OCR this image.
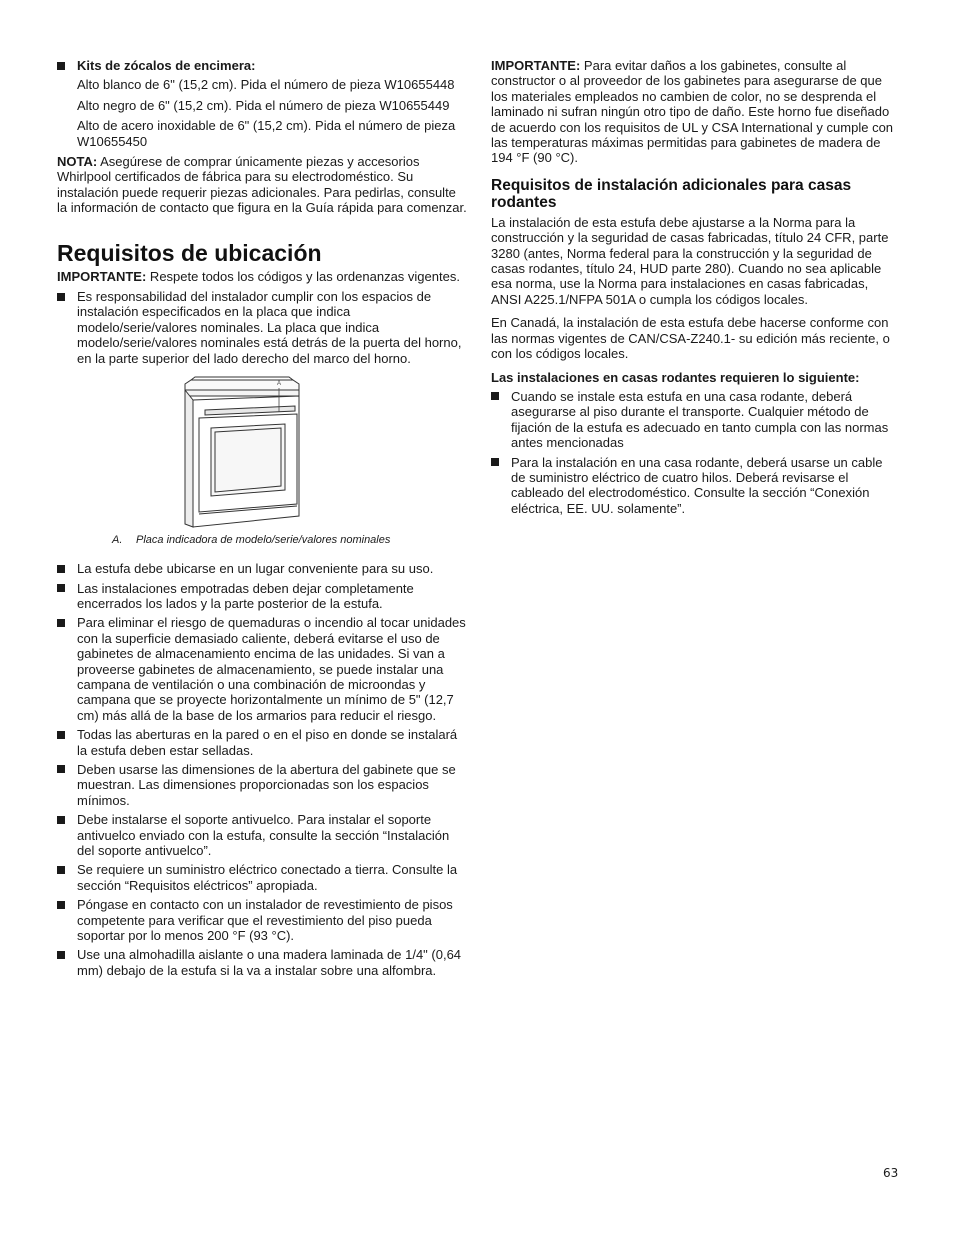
Kits de zócalos de encimera:

Alto blanco de 6" (15,2 cm). Pida el número de pieza W10655448

Alto negro de 6" (15,2 cm). Pida el número de pieza W10655449

Alto de acero inoxidable de 6" (15,2 cm). Pida el número de pieza W10655450

NOTA: Asegúrese de comprar únicamente piezas y accesorios Whirlpool certificados de fábrica para su electrodoméstico. Su instalación puede requerir piezas adicionales. Para pedirlas, consulte la información de contacto que figura en la Guía rápida para comenzar.

Requisitos de ubicación

IMPORTANTE: Respete todos los códigos y las ordenanzas vigentes.

Es responsabilidad del instalador cumplir con los espacios de instalación especificados en la placa que indica modelo/serie/valores nominales. La placa que indica modelo/serie/valores nominales está detrás de la puerta del horno, en la parte superior del lado derecho del marco del horno.
A
A. Placa indicadora de modelo/serie/valores nominales
La estufa debe ubicarse en un lugar conveniente para su uso.
Las instalaciones empotradas deben dejar completamente encerrados los lados y la parte posterior de la estufa.
Para eliminar el riesgo de quemaduras o incendio al tocar unidades con la superficie demasiado caliente, deberá evitarse el uso de gabinetes de almacenamiento encima de las unidades. Si van a proveerse gabinetes de almacenamiento, se puede instalar una campana de ventilación o una combinación de microondas y campana que se proyecte horizontalmente un mínimo de 5" (12,7 cm) más allá de la base de los armarios para reducir el riesgo.
Todas las aberturas en la pared o en el piso en donde se instalará la estufa deben estar selladas.
Deben usarse las dimensiones de la abertura del gabinete que se muestran. Las dimensiones proporcionadas son los espacios mínimos.
Debe instalarse el soporte antivuelco. Para instalar el soporte antivuelco enviado con la estufa, consulte la sección “Instalación del soporte antivuelco”.
Se requiere un suministro eléctrico conectado a tierra. Consulte la sección “Requisitos eléctricos” apropiada.
Póngase en contacto con un instalador de revestimiento de pisos competente para verificar que el revestimiento del piso pueda soportar por lo menos 200 °F (93 °C).
Use una almohadilla aislante o una madera laminada de 1/4" (0,64 mm) debajo de la estufa si la va a instalar sobre una alfombra.

IMPORTANTE: Para evitar daños a los gabinetes, consulte al constructor o al proveedor de los gabinetes para asegurarse de que los materiales empleados no cambien de color, no se desprenda el laminado ni sufran ningún otro tipo de daño. Este horno fue diseñado de acuerdo con los requisitos de UL y CSA International y cumple con las temperaturas máximas permitidas para gabinetes de madera de 194 °F (90 °C).

Requisitos de instalación adicionales para casas rodantes

La instalación de esta estufa debe ajustarse a la Norma para la construcción y la seguridad de casas fabricadas, título 24 CFR, parte 3280 (antes, Norma federal para la construcción y la seguridad de casas rodantes, título 24, HUD parte 280). Cuando no sea aplicable esa norma, use la Norma para instalaciones en casas fabricadas, ANSI A225.1/NFPA 501A o cumpla los códigos locales.

En Canadá, la instalación de esta estufa debe hacerse conforme con las normas vigentes de CAN/CSA-Z240.1- su edición más reciente, o con los códigos locales.

Las instalaciones en casas rodantes requieren lo siguiente:

Cuando se instale esta estufa en una casa rodante, deberá asegurarse al piso durante el transporte. Cualquier método de fijación de la estufa es adecuado en tanto cumpla con las normas antes mencionadas
Para la instalación en una casa rodante, deberá usarse un cable de suministro eléctrico de cuatro hilos. Deberá revisarse el cableado del electrodoméstico. Consulte la sección “Conexión eléctrica, EE. UU. solamente”.
63
